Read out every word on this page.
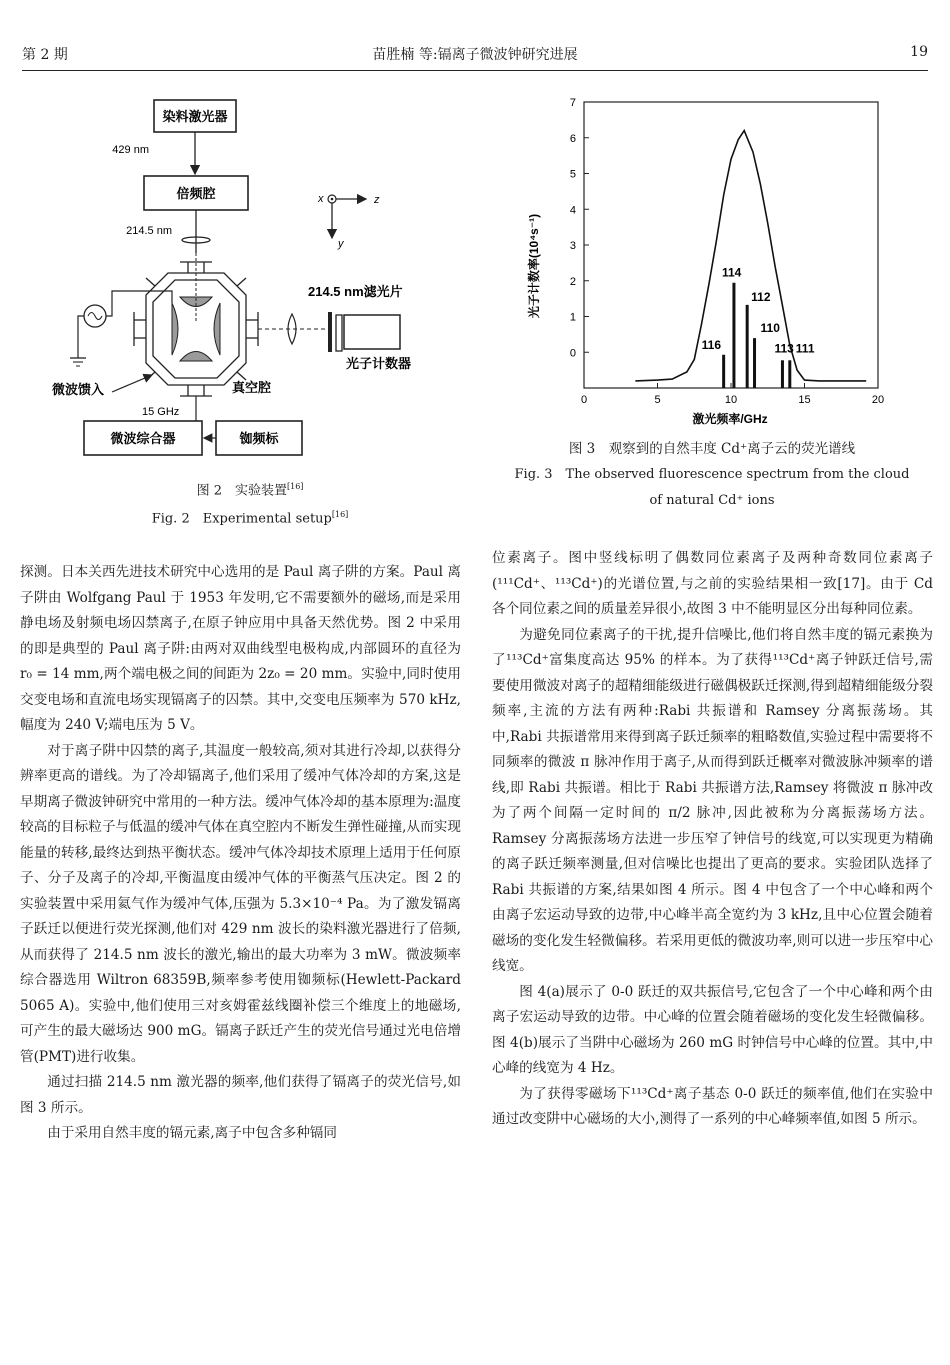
第 2 期	苗胜楠 等:镉离子微波钟研究进展	19
染料激光器
429 nm
倍频腔
214.5 nm
x	z
y
214.5 nm滤光片
光子计数器
微波馈入	真空腔
15 GHz
微波综合器	铷频标
图 2　实验装置[16]
Fig. 2　Experimental setup[16]
光子计数率(10⁴s⁻¹)
激光频率/GHz
0
1
2
3
4
5
6
7
0	5	10	15	20
116
114
112
110
113 111
图 3　观察到的自然丰度 Cd⁺离子云的荧光谱线
Fig. 3　The observed fluorescence spectrum from the cloud
of natural Cd⁺ ions

探测。日本关西先进技术研究中心选用的是 Paul 离子阱的方案。Paul 离子阱由 Wolfgang Paul 于 1953 年发明,它不需要额外的磁场,而是采用静电场及射频电场囚禁离子,在原子钟应用中具备天然优势。图 2 中采用的即是典型的 Paul 离子阱:由两对双曲线型电极构成,内部圆环的直径为 r₀ = 14 mm,两个端电极之间的间距为 2z₀ = 20 mm。实验中,同时使用交变电场和直流电场实现镉离子的囚禁。其中,交变电压频率为 570 kHz,幅度为 240 V;端电压为 5 V。

对于离子阱中囚禁的离子,其温度一般较高,须对其进行冷却,以获得分辨率更高的谱线。为了冷却镉离子,他们采用了缓冲气体冷却的方案,这是早期离子微波钟研究中常用的一种方法。缓冲气体冷却的基本原理为:温度较高的目标粒子与低温的缓冲气体在真空腔内不断发生弹性碰撞,从而实现能量的转移,最终达到热平衡状态。缓冲气体冷却技术原理上适用于任何原子、分子及离子的冷却,平衡温度由缓冲气体的平衡蒸气压决定。图 2 的实验装置中采用氦气作为缓冲气体,压强为 5.3×10⁻⁴ Pa。为了激发镉离子跃迁以便进行荧光探测,他们对 429 nm 波长的染料激光器进行了倍频,从而获得了 214.5 nm 波长的激光,输出的最大功率为 3 mW。微波频率综合器选用 Wiltron 68359B,频率参考使用铷频标(Hewlett-Packard 5065 A)。实验中,他们使用三对亥姆霍兹线圈补偿三个维度上的地磁场,可产生的最大磁场达 900 mG。镉离子跃迁产生的荧光信号通过光电倍增管(PMT)进行收集。

通过扫描 214.5 nm 激光器的频率,他们获得了镉离子的荧光信号,如图 3 所示。

由于采用自然丰度的镉元素,离子中包含多种镉同

位素离子。图中竖线标明了偶数同位素离子及两种奇数同位素离子(¹¹¹Cd⁺、¹¹³Cd⁺)的光谱位置,与之前的实验结果相一致[17]。由于 Cd 各个同位素之间的质量差异很小,故图 3 中不能明显区分出每种同位素。

为避免同位素离子的干扰,提升信噪比,他们将自然丰度的镉元素换为了¹¹³Cd⁺富集度高达 95% 的样本。为了获得¹¹³Cd⁺离子钟跃迁信号,需要使用微波对离子的超精细能级进行磁偶极跃迁探测,得到超精细能级分裂频率,主流的方法有两种:Rabi 共振谱和 Ramsey 分离振荡场。其中,Rabi 共振谱常用来得到离子跃迁频率的粗略数值,实验过程中需要将不同频率的微波 π 脉冲作用于离子,从而得到跃迁概率对微波脉冲频率的谱线,即 Rabi 共振谱。相比于 Rabi 共振谱方法,Ramsey 将微波 π 脉冲改为了两个间隔一定时间的 π/2 脉冲,因此被称为分离振荡场方法。Ramsey 分离振荡场方法进一步压窄了钟信号的线宽,可以实现更为精确的离子跃迁频率测量,但对信噪比也提出了更高的要求。实验团队选择了 Rabi 共振谱的方案,结果如图 4 所示。图 4 中包含了一个中心峰和两个由离子宏运动导致的边带,中心峰半高全宽约为 3 kHz,且中心位置会随着磁场的变化发生轻微偏移。若采用更低的微波功率,则可以进一步压窄中心线宽。

图 4(a)展示了 0-0 跃迁的双共振信号,它包含了一个中心峰和两个由离子宏运动导致的边带。中心峰的位置会随着磁场的变化发生轻微偏移。图 4(b)展示了当阱中心磁场为 260 mG 时钟信号中心峰的位置。其中,中心峰的线宽为 4 Hz。

为了获得零磁场下¹¹³Cd⁺离子基态 0-0 跃迁的频率值,他们在实验中通过改变阱中心磁场的大小,测得了一系列的中心峰频率值,如图 5 所示。
